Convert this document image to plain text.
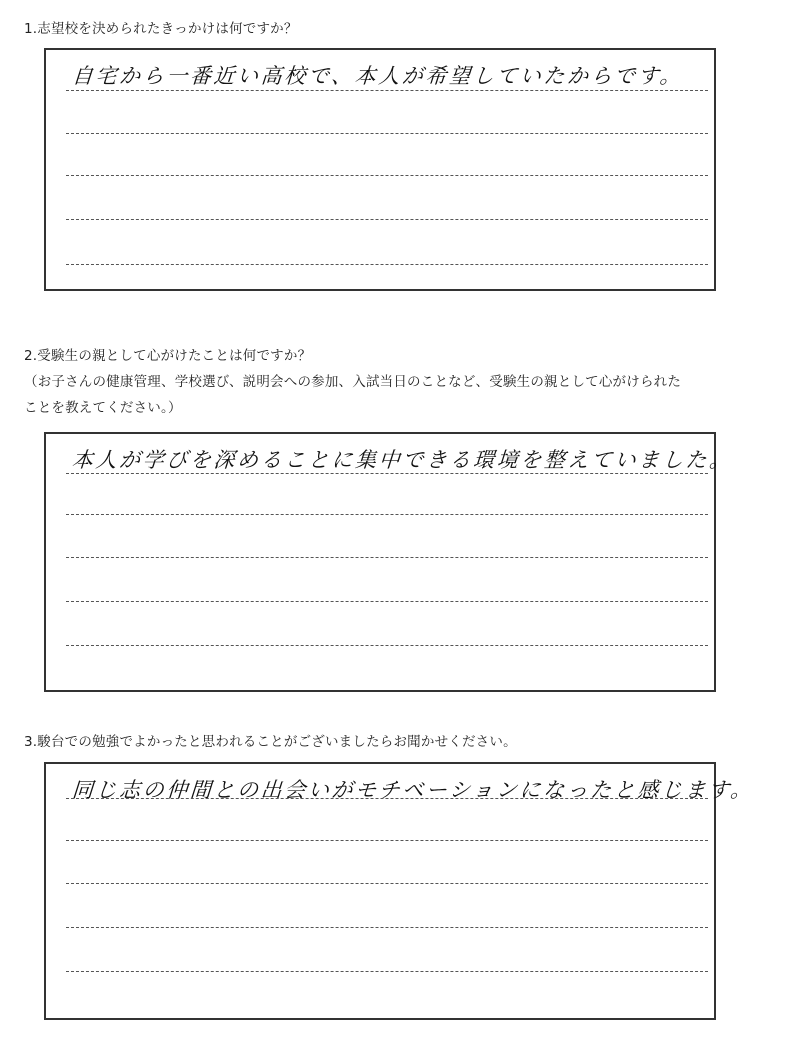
1.志望校を決められたきっかけは何ですか？

自宅から一番近い高校で、本人が希望していたからです。

2.受験生の親として心がけたことは何ですか？
（お子さんの健康管理、学校選び、説明会への参加、入試当日のことなど、受験生の親として心がけられた
ことを教えてください。）

本人が学びを深めることに集中できる環境を整えていました。

3.駿台での勉強でよかったと思われることがございましたらお聞かせください。

同じ志の仲間との出会いがモチベーションになったと感じます。
